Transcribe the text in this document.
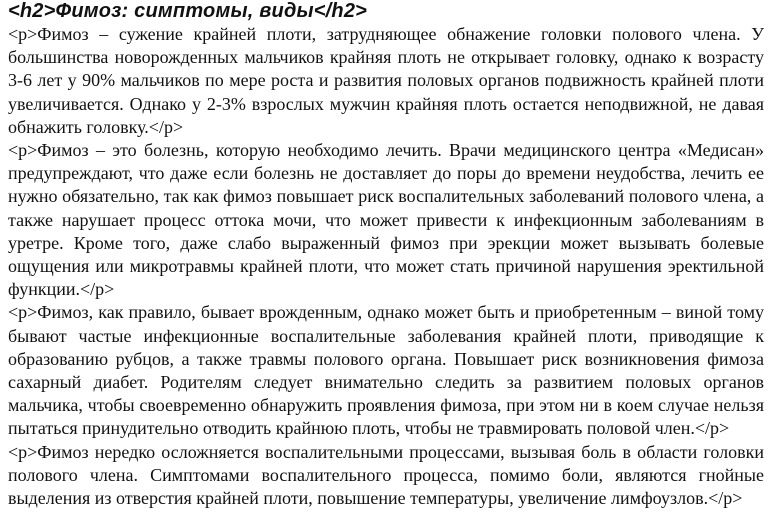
<h2>Фимоз: симптомы, виды</h2>
<p>Фимоз – сужение крайней плоти, затрудняющее обнажение головки полового члена. У большинства новорожденных мальчиков крайняя плоть не открывает головку, однако к возрасту 3-6 лет у 90% мальчиков по мере роста и развития половых органов подвижность крайней плоти увеличивается. Однако у 2-3% взрослых мужчин крайняя плоть остается неподвижной, не давая обнажить головку.</p>
<p>Фимоз – это болезнь, которую необходимо лечить. Врачи медицинского центра «Медисан» предупреждают, что даже если болезнь не доставляет до поры до времени неудобства, лечить ее нужно обязательно, так как фимоз повышает риск воспалительных заболеваний полового члена, а также нарушает процесс оттока мочи, что может привести к инфекционным заболеваниям в уретре. Кроме того, даже слабо выраженный фимоз при эрекции может вызывать болевые ощущения или микротравмы крайней плоти, что может стать причиной нарушения эректильной функции.</p>
<p>Фимоз, как правило, бывает врожденным, однако может быть и приобретенным – виной тому бывают частые инфекционные воспалительные заболевания крайней плоти, приводящие к образованию рубцов, а также травмы полового органа. Повышает риск возникновения фимоза сахарный диабет. Родителям следует внимательно следить за развитием половых органов мальчика, чтобы своевременно обнаружить проявления фимоза, при этом ни в коем случае нельзя пытаться принудительно отводить крайнюю плоть, чтобы не травмировать половой член.</p>
<p>Фимоз нередко осложняется воспалительными процессами, вызывая боль в области головки полового члена. Симптомами воспалительного процесса, помимо боли, являются гнойные выделения из отверстия крайней плоти, повышение температуры, увеличение лимфоузлов.</p>
